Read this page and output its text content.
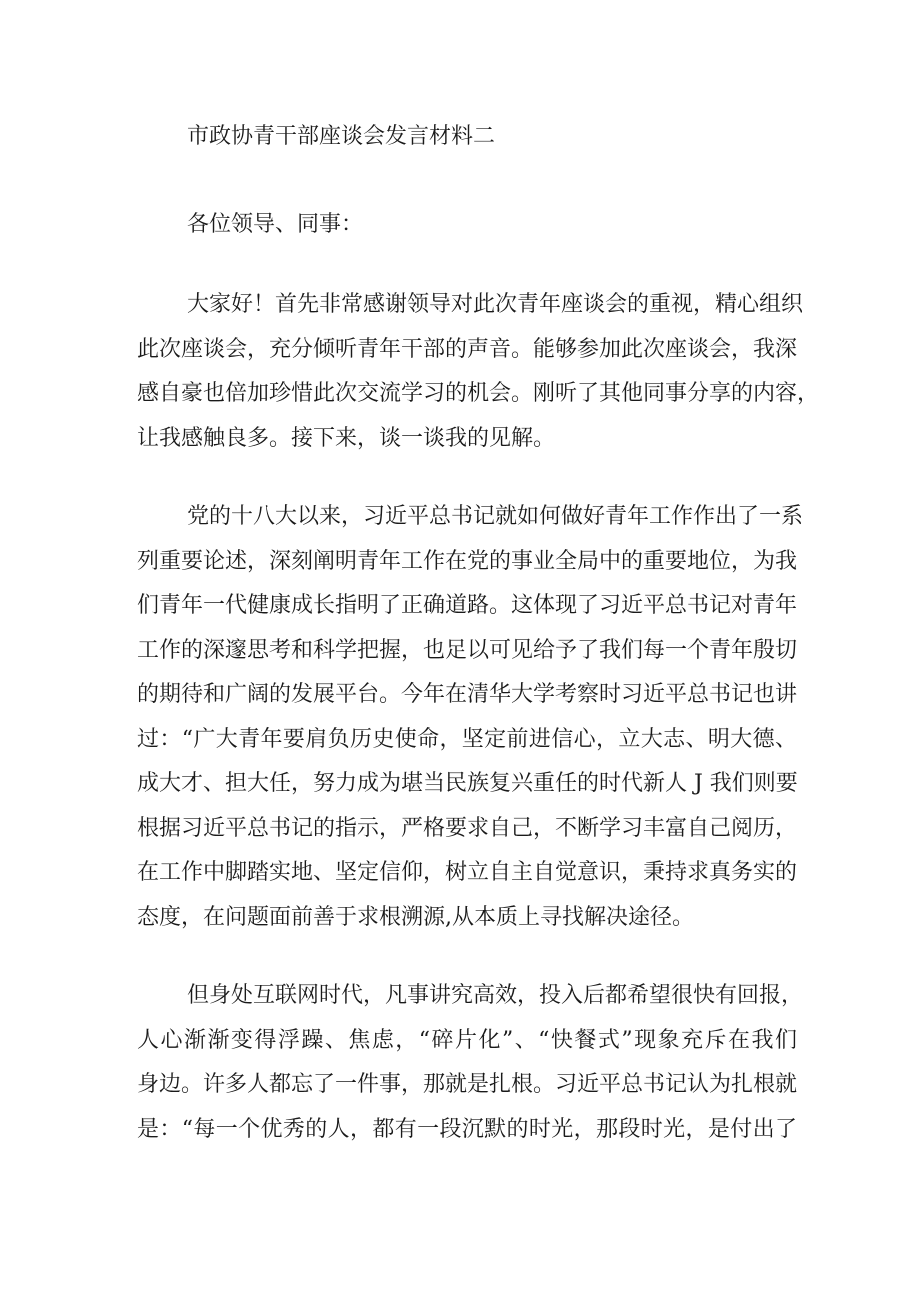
市政协青干部座谈会发言材料二

各位领导、同事：

大家好！首先非常感谢领导对此次青年座谈会的重视，精心组织
此次座谈会，充分倾听青年干部的声音。能够参加此次座谈会，我深
感自豪也倍加珍惜此次交流学习的机会。刚听了其他同事分享的内容，
让我感触良多。接下来，谈一谈我的见解。
党的十八大以来，习近平总书记就如何做好青年工作作出了一系
列重要论述，深刻阐明青年工作在党的事业全局中的重要地位，为我
们青年一代健康成长指明了正确道路。这体现了习近平总书记对青年
工作的深邃思考和科学把握，也足以可见给予了我们每一个青年殷切
的期待和广阔的发展平台。今年在清华大学考察时习近平总书记也讲
过：“广大青年要肩负历史使命，坚定前进信心，立大志、明大德、
成大才、担大任，努力成为堪当民族复兴重任的时代新人 J 我们则要
根据习近平总书记的指示，严格要求自己，不断学习丰富自己阅历，
在工作中脚踏实地、坚定信仰，树立自主自觉意识，秉持求真务实的
态度，在问题面前善于求根溯源,从本质上寻找解决途径。
但身处互联网时代，凡事讲究高效，投入后都希望很快有回报，
人心渐渐变得浮躁、焦虑，“碎片化”、“快餐式”现象充斥在我们
身边。许多人都忘了一件事，那就是扎根。习近平总书记认为扎根就
是：“每一个优秀的人，都有一段沉默的时光，那段时光，是付出了
